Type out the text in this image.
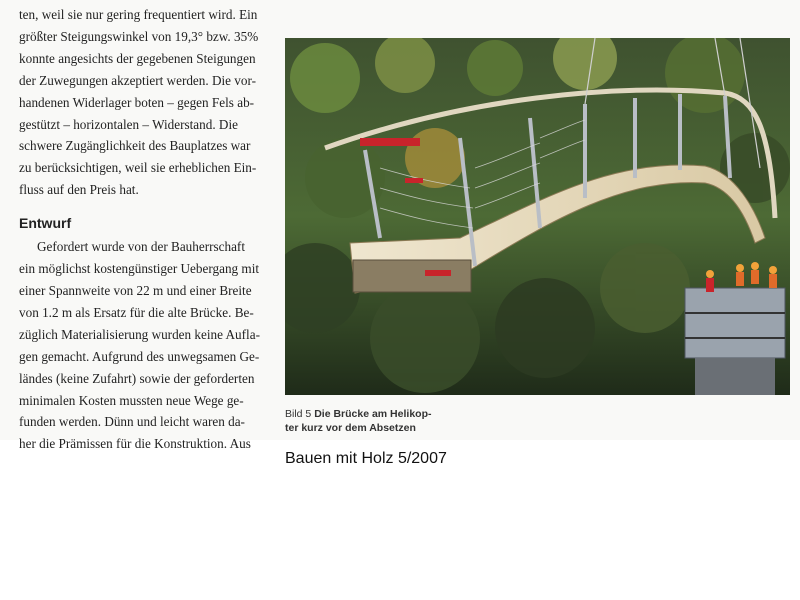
ten, weil sie nur gering frequentiert wird. Ein
größter Steigungswinkel von 19,3° bzw. 35%
konnte angesichts der gegebenen Steigungen
der Zuwegungen akzeptiert werden. Die vor-
handenen Widerlager boten – gegen Fels ab-
gestützt – horizontalen – Widerstand. Die
schwere Zugänglichkeit des Bauplatzes war
zu berücksichtigen, weil sie erheblichen Ein-
fluss auf den Preis hat.

Entwurf

Gefordert wurde von der Bauherrschaft
ein möglichst kostengünstiger Uebergang mit
einer Spannweite von 22 m und einer Breite
von 1.2 m als Ersatz für die alte Brücke. Be-
züglich Materialisierung wurden keine Aufla-
gen gemacht. Aufgrund des unwegsamen Ge-
ländes (keine Zufahrt) sowie der geforderten
minimalen Kosten mussten neue Wege ge-
funden werden. Dünn und leicht waren da-
her die Prämissen für die Konstruktion. Aus

Bild 5 Die Brücke am Helikop-
ter kurz vor dem Absetzen
Bauen mit Holz 5/2007
